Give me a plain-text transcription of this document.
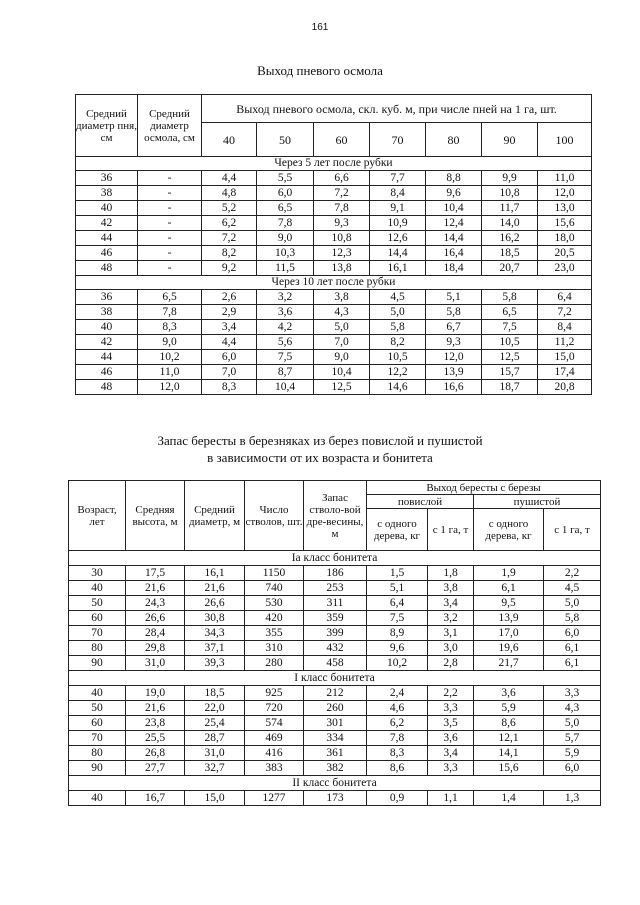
161
Выход пневого осмола
Средний диаметр пня, см	Средний диаметр осмола, см	Выход пневого осмола, скл. куб. м, при числе пней на 1 га, шт.						
		40	50	60	70	80	90	100
Через 5 лет после рубки								
36	-	4,4	5,5	6,6	7,7	8,8	9,9	11,0
38	-	4,8	6,0	7,2	8,4	9,6	10,8	12,0
40	-	5,2	6,5	7,8	9,1	10,4	11,7	13,0
42	-	6,2	7,8	9,3	10,9	12,4	14,0	15,6
44	-	7,2	9,0	10,8	12,6	14,4	16,2	18,0
46	-	8,2	10,3	12,3	14,4	16,4	18,5	20,5
48	-	9,2	11,5	13,8	16,1	18,4	20,7	23,0
Через 10 лет после рубки								
36	6,5	2,6	3,2	3,8	4,5	5,1	5,8	6,4
38	7,8	2,9	3,6	4,3	5,0	5,8	6,5	7,2
40	8,3	3,4	4,2	5,0	5,8	6,7	7,5	8,4
42	9,0	4,4	5,6	7,0	8,2	9,3	10,5	11,2
44	10,2	6,0	7,5	9,0	10,5	12,0	12,5	15,0
46	11,0	7,0	8,7	10,4	12,2	13,9	15,7	17,4
48	12,0	8,3	10,4	12,5	14,6	16,6	18,7	20,8
Запас бересты в березняках из берез повислой и пушистой
в зависимости от их возраста и бонитета
Возраст, лет	Средняя высота, м	Средний диаметр, м	Число стволов, шт.	Запас стволо-вой дре-весины, м	Выход бересты с березы			
					повислой		пушистой	
					с одного дерева, кг	с 1 га, т	с одного дерева, кг	с 1 га, т
Ia класс бонитета								
30	17,5	16,1	1150	186	1,5	1,8	1,9	2,2
40	21,6	21,6	740	253	5,1	3,8	6,1	4,5
50	24,3	26,6	530	311	6,4	3,4	9,5	5,0
60	26,6	30,8	420	359	7,5	3,2	13,9	5,8
70	28,4	34,3	355	399	8,9	3,1	17,0	6,0
80	29,8	37,1	310	432	9,6	3,0	19,6	6,1
90	31,0	39,3	280	458	10,2	2,8	21,7	6,1
I класс бонитета								
40	19,0	18,5	925	212	2,4	2,2	3,6	3,3
50	21,6	22,0	720	260	4,6	3,3	5,9	4,3
60	23,8	25,4	574	301	6,2	3,5	8,6	5,0
70	25,5	28,7	469	334	7,8	3,6	12,1	5,7
80	26,8	31,0	416	361	8,3	3,4	14,1	5,9
90	27,7	32,7	383	382	8,6	3,3	15,6	6,0
II класс бонитета								
40	16,7	15,0	1277	173	0,9	1,1	1,4	1,3
